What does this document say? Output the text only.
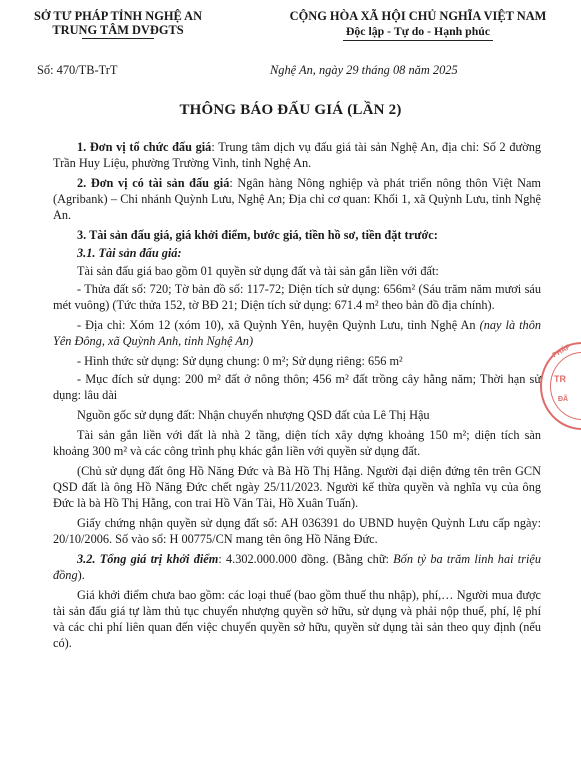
SỞ TƯ PHÁP TỈNH NGHỆ AN
TRUNG TÂM DVĐGTS
CỘNG HÒA XÃ HỘI CHỦ NGHĨA VIỆT NAM
Độc lập - Tự do - Hạnh phúc
Số: 470/TB-TrT	Nghệ An, ngày 29 tháng 08 năm 2025
THÔNG BÁO ĐẤU GIÁ (LẦN 2)

1. Đơn vị tổ chức đấu giá: Trung tâm dịch vụ đấu giá tài sản Nghệ An, địa chỉ: Số 2 đường Trần Huy Liệu, phường Trường Vinh, tỉnh Nghệ An.

2. Đơn vị có tài sản đấu giá: Ngân hàng Nông nghiệp và phát triển nông thôn Việt Nam (Agribank) – Chi nhánh Quỳnh Lưu, Nghệ An; Địa chỉ cơ quan: Khối 1, xã Quỳnh Lưu, tỉnh Nghệ An.

3. Tài sản đấu giá, giá khởi điểm, bước giá, tiền hồ sơ, tiền đặt trước:

3.1. Tài sản đấu giá:

Tài sản đấu giá bao gồm 01 quyền sử dụng đất và tài sản gắn liền với đất:

- Thửa đất số: 720; Tờ bản đồ số: 117-72; Diện tích sử dụng: 656m² (Sáu trăm năm mươi sáu mét vuông) (Tức thửa 152, tờ BĐ 21; Diện tích sử dụng: 671.4 m² theo bản đồ địa chính).

- Địa chỉ: Xóm 12 (xóm 10), xã Quỳnh Yên, huyện Quỳnh Lưu, tỉnh Nghệ An (nay là thôn Yên Đông, xã Quỳnh Anh, tỉnh Nghệ An)

- Hình thức sử dụng: Sử dụng chung: 0 m²; Sử dụng riêng: 656 m²

- Mục đích sử dụng: 200 m² đất ở nông thôn; 456 m² đất trồng cây hằng năm; Thời hạn sử dụng: lâu dài

Nguồn gốc sử dụng đất: Nhận chuyển nhượng QSD đất của Lê Thị Hậu

Tài sản gắn liền với đất là nhà 2 tầng, diện tích xây dựng khoảng 150 m²; diện tích sàn khoảng 300 m² và các công trình phụ khác gắn liền với quyền sử dụng đất.

(Chủ sử dụng đất ông Hồ Năng Đức và Bà Hồ Thị Hằng. Người đại diện đứng tên trên GCN QSD đất là ông Hồ Năng Đức chết ngày 25/11/2023. Người kế thừa quyền và nghĩa vụ của ông Đức là bà Hồ Thị Hằng, con trai Hồ Văn Tài, Hồ Xuân Tuấn).

Giấy chứng nhận quyền sử dụng đất số: AH 036391 do UBND huyện Quỳnh Lưu cấp ngày: 20/10/2006. Số vào sổ: H 00775/CN mang tên ông Hồ Năng Đức.

3.2. Tổng giá trị khởi điểm: 4.302.000.000 đồng. (Bằng chữ: Bốn tỷ ba trăm linh hai triệu đồng).

Giá khởi điểm chưa bao gồm: các loại thuế (bao gồm thuế thu nhập), phí,… Người mua được tài sản đấu giá tự làm thủ tục chuyển nhượng quyền sở hữu, sử dụng và phải nộp thuế, phí, lệ phí và các chi phí liên quan đến việc chuyển quyền sở hữu, quyền sử dụng tài sản theo quy định (nếu có).

PHÁP
TR
ĐÃ
